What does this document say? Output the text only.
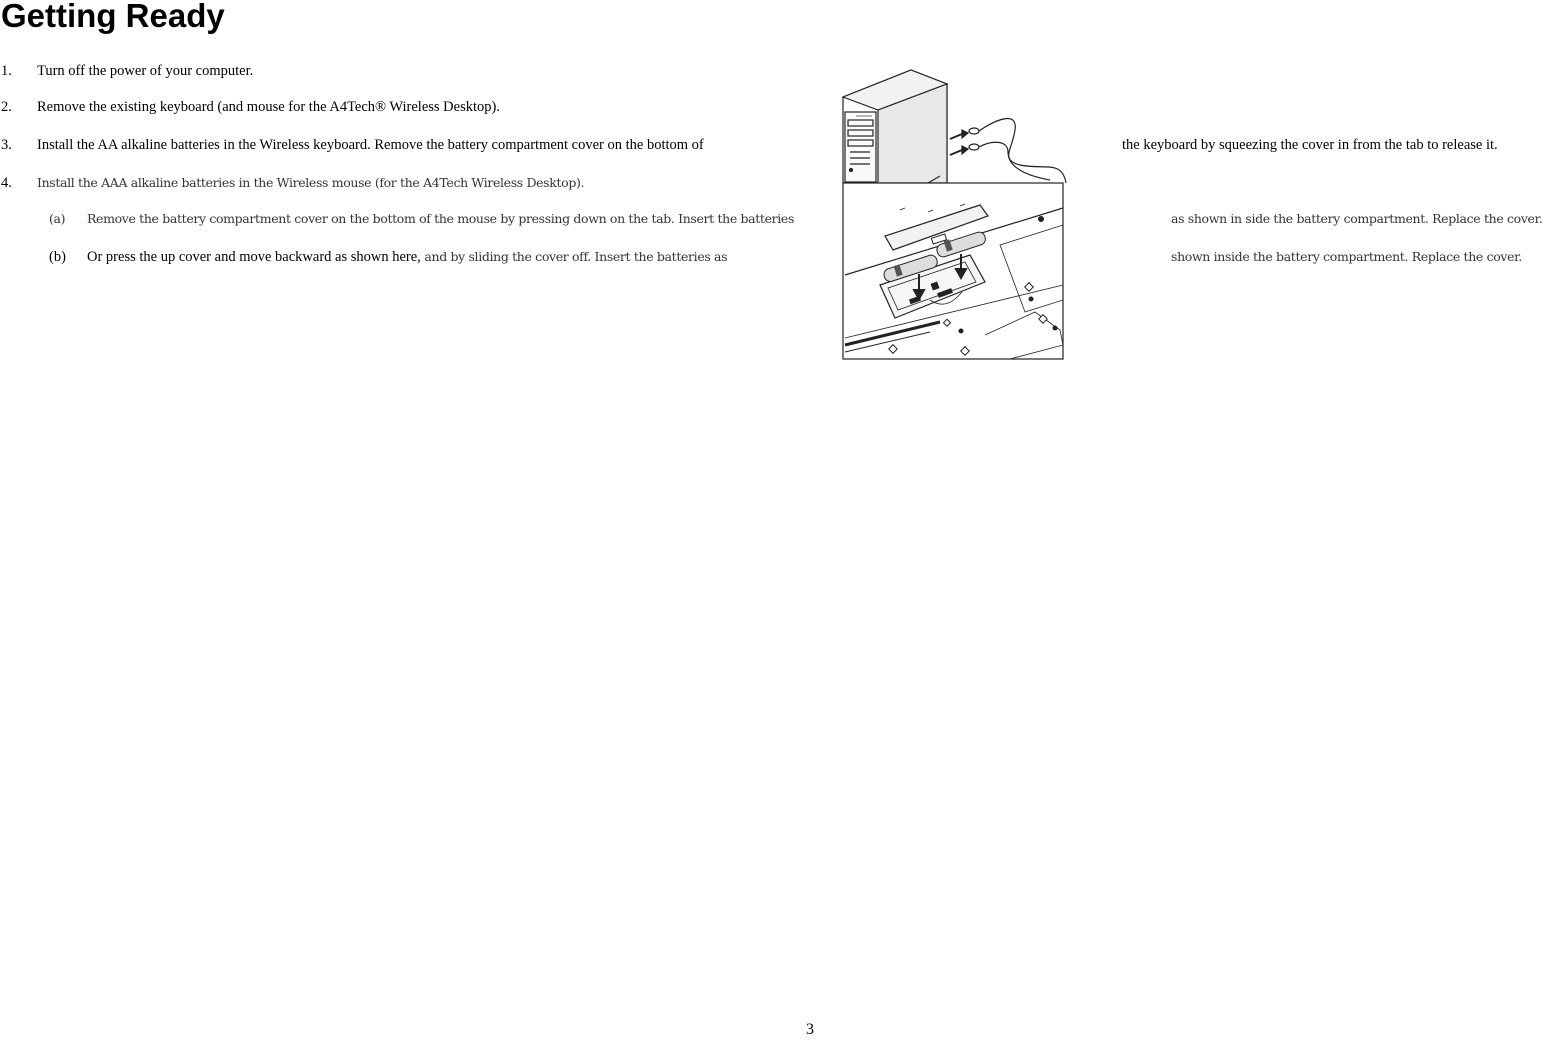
Getting Ready
1. Turn off the power of your computer.
2. Remove the existing keyboard (and mouse for the A4Tech® Wireless Desktop).
3. Install the AA alkaline batteries in the Wireless keyboard. Remove the battery compartment cover on the bottom of	the keyboard by squeezing the cover in from the tab to release it.
4. Install the AAA alkaline batteries in the Wireless mouse (for the A4Tech Wireless Desktop).
(a) Remove the battery compartment cover on the bottom of the mouse by pressing down on the tab. Insert the batteries	as shown in side the battery compartment. Replace the cover.
(b) Or press the up cover and move backward as shown here, and by sliding the cover off. Insert the batteries as	shown inside the battery compartment. Replace the cover.
3
